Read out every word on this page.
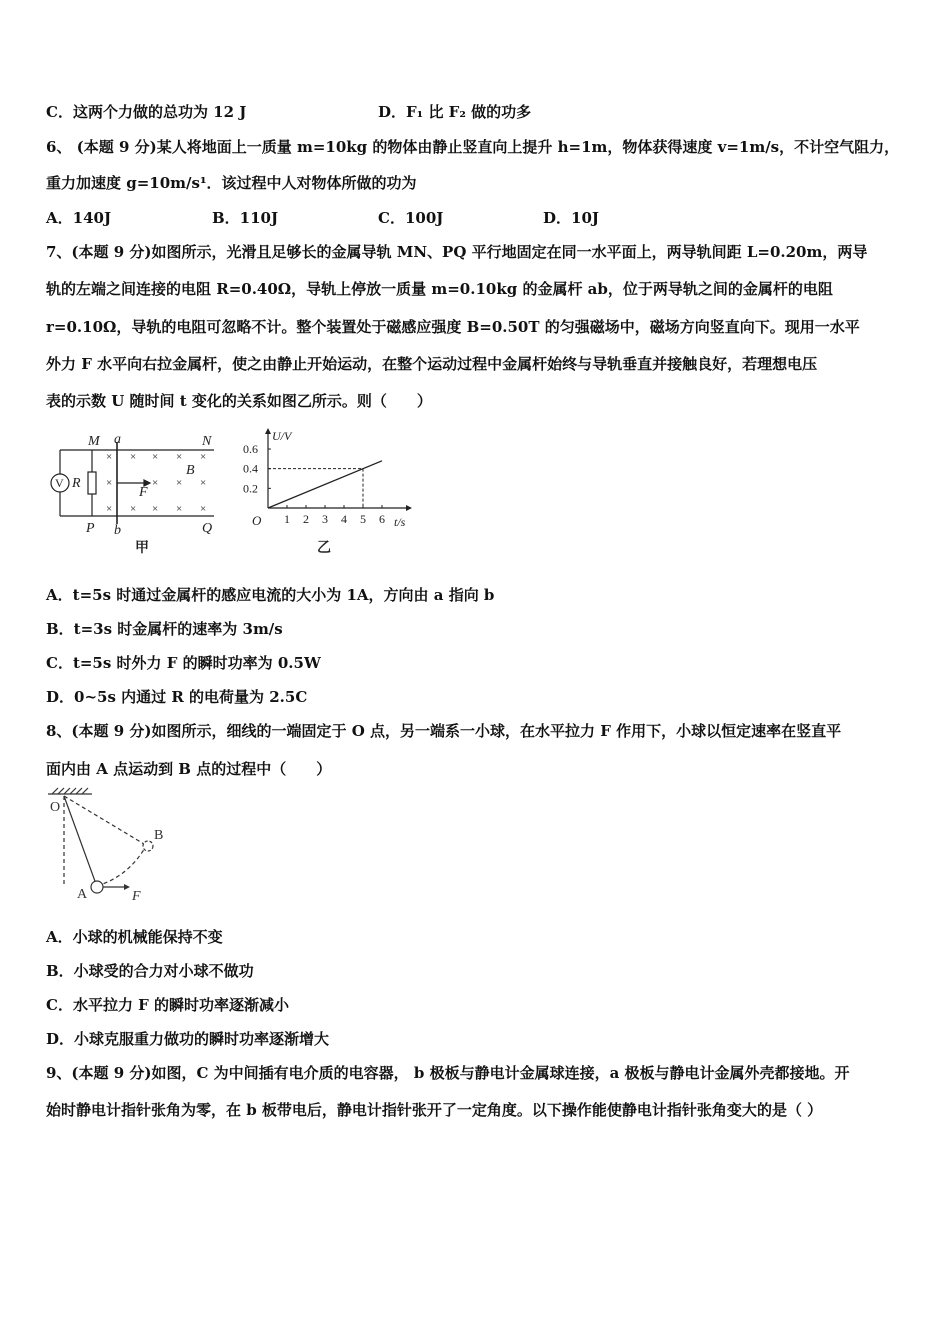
C．这两个力做的总功为 12 J	D．F₁ 比 F₂ 做的功多
6、 (本题 9 分)某人将地面上一质量 m=10kg 的物体由静止竖直向上提升 h=1m，物体获得速度 v=1m/s，不计空气阻力，
重力加速度 g=10m/s¹．该过程中人对物体所做的功为
A．140J	B．110J	C．100J	D．10J
7、(本题 9 分)如图所示，光滑且足够长的金属导轨 MN、PQ 平行地固定在同一水平面上，两导轨间距 L=0.20m，两导
轨的左端之间连接的电阻 R=0.40Ω，导轨上停放一质量 m=0.10kg 的金属杆 ab，位于两导轨之间的金属杆的电阻
r=0.10Ω，导轨的电阻可忽略不计。整个装置处于磁感应强度 B=0.50T 的匀强磁场中，磁场方向竖直向下。现用一水平
外力 F 水平向右拉金属杆，使之由静止开始运动，在整个运动过程中金属杆始终与导轨垂直并接触良好，若理想电压
表的示数 U 随时间 t 变化的关系如图乙所示。则（　　）
× × × × ×
×	× × ×
× × × × ×
M a	N
P b	Q
V R
F
B
甲
1 2 3 4 5 6
0.2
0.4
0.6
U/V
t/s
O
乙
A．t=5s 时通过金属杆的感应电流的大小为 1A，方向由 a 指向 b
B．t=3s 时金属杆的速率为 3m/s
C．t=5s 时外力 F 的瞬时功率为 0.5W
D．0~5s 内通过 R 的电荷量为 2.5C
8、(本题 9 分)如图所示，细线的一端固定于 O 点，另一端系一小球，在水平拉力 F 作用下，小球以恒定速率在竖直平
面内由 A 点运动到 B 点的过程中（　　）
O
A
B
F
A．小球的机械能保持不变
B．小球受的合力对小球不做功
C．水平拉力 F 的瞬时功率逐渐减小
D．小球克服重力做功的瞬时功率逐渐增大
9、(本题 9 分)如图，C 为中间插有电介质的电容器， b 极板与静电计金属球连接，a 极板与静电计金属外壳都接地。开
始时静电计指针张角为零，在 b 板带电后，静电计指针张开了一定角度。以下操作能使静电计指针张角变大的是（ ）
